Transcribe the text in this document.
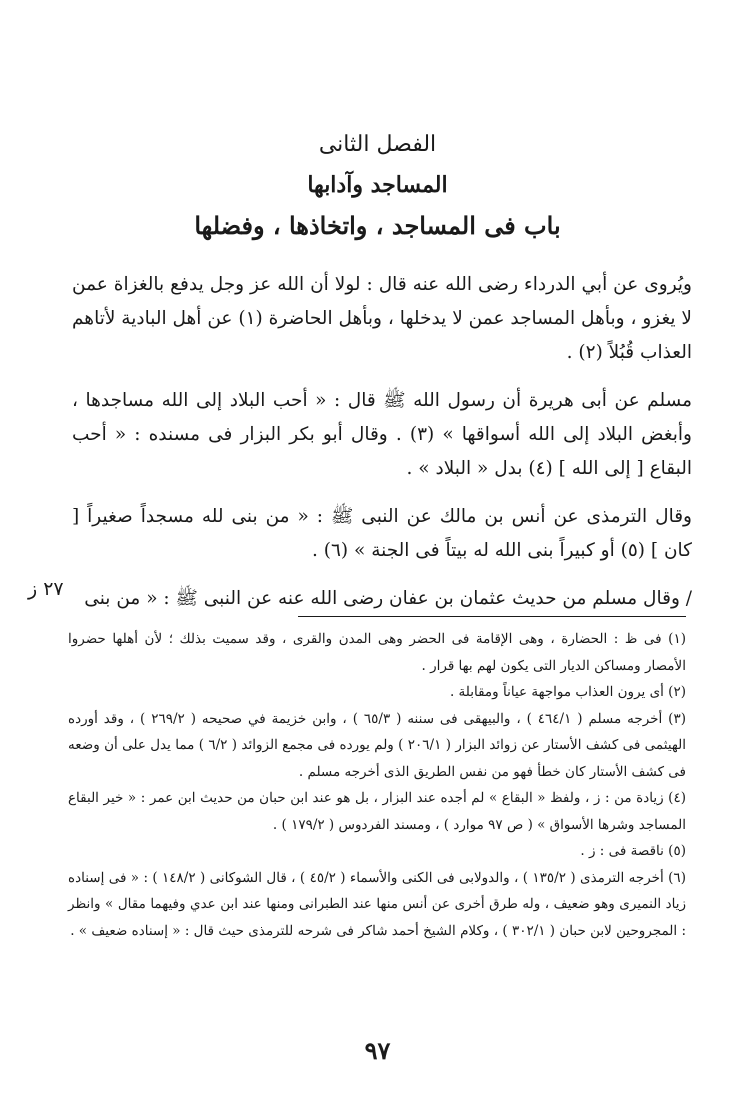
الفصل الثانى
المساجد وآدابها
باب فى المساجد ، واتخاذها ، وفضلها

ويُروى عن أبي الدرداء رضى الله عنه قال : لولا أن الله عز وجل يدفع بالغزاة عمن لا يغزو ، وبأهل المساجد عمن لا يدخلها ، وبأهل الحاضرة (١) عن أهل البادية لأتاهم العذاب قُبُلاً (٢) .

مسلم عن أبى هريرة أن رسول الله ﷺ قال : « أحب البلاد إلى الله مساجدها ، وأبغض البلاد إلى الله أسواقها » (٣) . وقال أبو بكر البزار فى مسنده : « أحب البقاع [ إلى الله ] (٤) بدل « البلاد » .

وقال الترمذى عن أنس بن مالك عن النبى ﷺ : « من بنى لله مسجداً صغيراً [ كان ] (٥) أو كبيراً بنى الله له بيتاً فى الجنة » (٦) .

/ وقال مسلم من حديث عثمان بن عفان رضى الله عنه عن النبى ﷺ : « من بنى

٢٧ ز

(١) فى ظ : الحضارة ، وهى الإقامة فى الحضر وهى المدن والقرى ، وقد سميت بذلك ؛ لأن أهلها حضروا الأمصار ومساكن الديار التى يكون لهم بها قرار .

(٢) أى يرون العذاب مواجهة عياناً ومقابلة .

(٣) أخرجه مسلم ( ٤٦٤/١ ) ، والبيهقى فى سننه ( ٦٥/٣ ) ، وابن خزيمة في صحيحه ( ٢٦٩/٢ ) ، وقد أورده الهيثمى فى كشف الأستار عن زوائد البزار ( ٢٠٦/١ ) ولم يورده فى مجمع الزوائد ( ٦/٢ ) مما يدل على أن وضعه فى كشف الأستار كان خطأ فهو من نفس الطريق الذى أخرجه مسلم .

(٤) زيادة من : ز ، ولفظ « البقاع » لم أجده عند البزار ، بل هو عند ابن حبان من حديث ابن عمر : « خير البقاع المساجد وشرها الأسواق » ( ص ٩٧ موارد ) ، ومسند الفردوس ( ١٧٩/٢ ) .

(٥) ناقصة فى : ز .

(٦) أخرجه الترمذى ( ١٣٥/٢ ) ، والدولابى فى الكنى والأسماء ( ٤٥/٢ ) ، قال الشوكانى ( ١٤٨/٢ ) : « فى إسناده زياد النميرى وهو ضعيف ، وله طرق أخرى عن أنس منها عند الطبرانى ومنها عند ابن عدي وفيهما مقال » وانظر : المجروحين لابن حبان ( ٣٠٢/١ ) ، وكلام الشيخ أحمد شاكر فى شرحه للترمذى حيث قال : « إسناده ضعيف » .

٩٧
